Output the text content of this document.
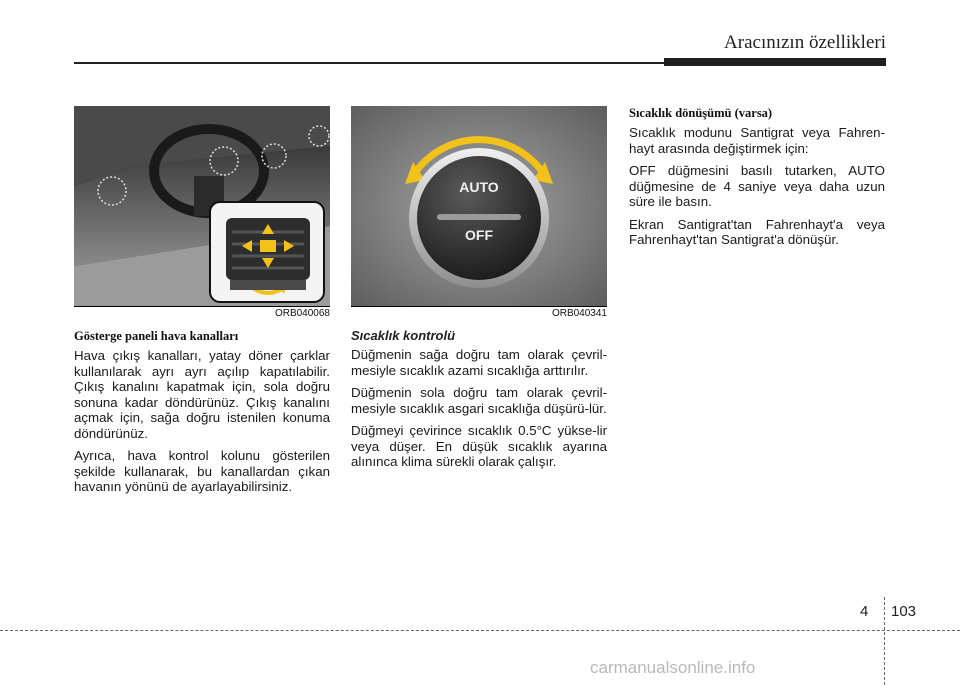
Aracınızın özellikleri
ORB040068
Gösterge paneli hava kanalları

Hava çıkış kanalları, yatay döner çarklar kullanılarak ayrı ayrı açılıp kapatılabilir. Çıkış kanalını kapatmak için, sola doğru sonuna kadar döndürünüz. Çıkış kanalını açmak için, sağa doğru istenilen konuma döndürünüz.

Ayrıca, hava kontrol kolunu gösterilen şekilde kullanarak, bu kanallardan çıkan havanın yönünü de ayarlayabilirsiniz.

AUTO
OFF
ORB040341
Sıcaklık kontrolü

Düğmenin sağa doğru tam olarak çevril-mesiyle sıcaklık azami sıcaklığa arttırılır.

Düğmenin sola doğru tam olarak çevril-mesiyle sıcaklık asgari sıcaklığa düşürü-lür.

Düğmeyi çevirince sıcaklık 0.5°C yükse-lir veya düşer. En düşük sıcaklık ayarına alınınca klima sürekli olarak çalışır.

Sıcaklık dönüşümü (varsa)

Sıcaklık modunu Santigrat veya Fahren-hayt arasında değiştirmek için:

OFF düğmesini basılı tutarken, AUTO düğmesine de 4 saniye veya daha uzun süre ile basın.

Ekran Santigrat'tan Fahrenhayt'a veya Fahrenhayt'tan Santigrat'a dönüşür.

4 103
carmanualsonline.info
